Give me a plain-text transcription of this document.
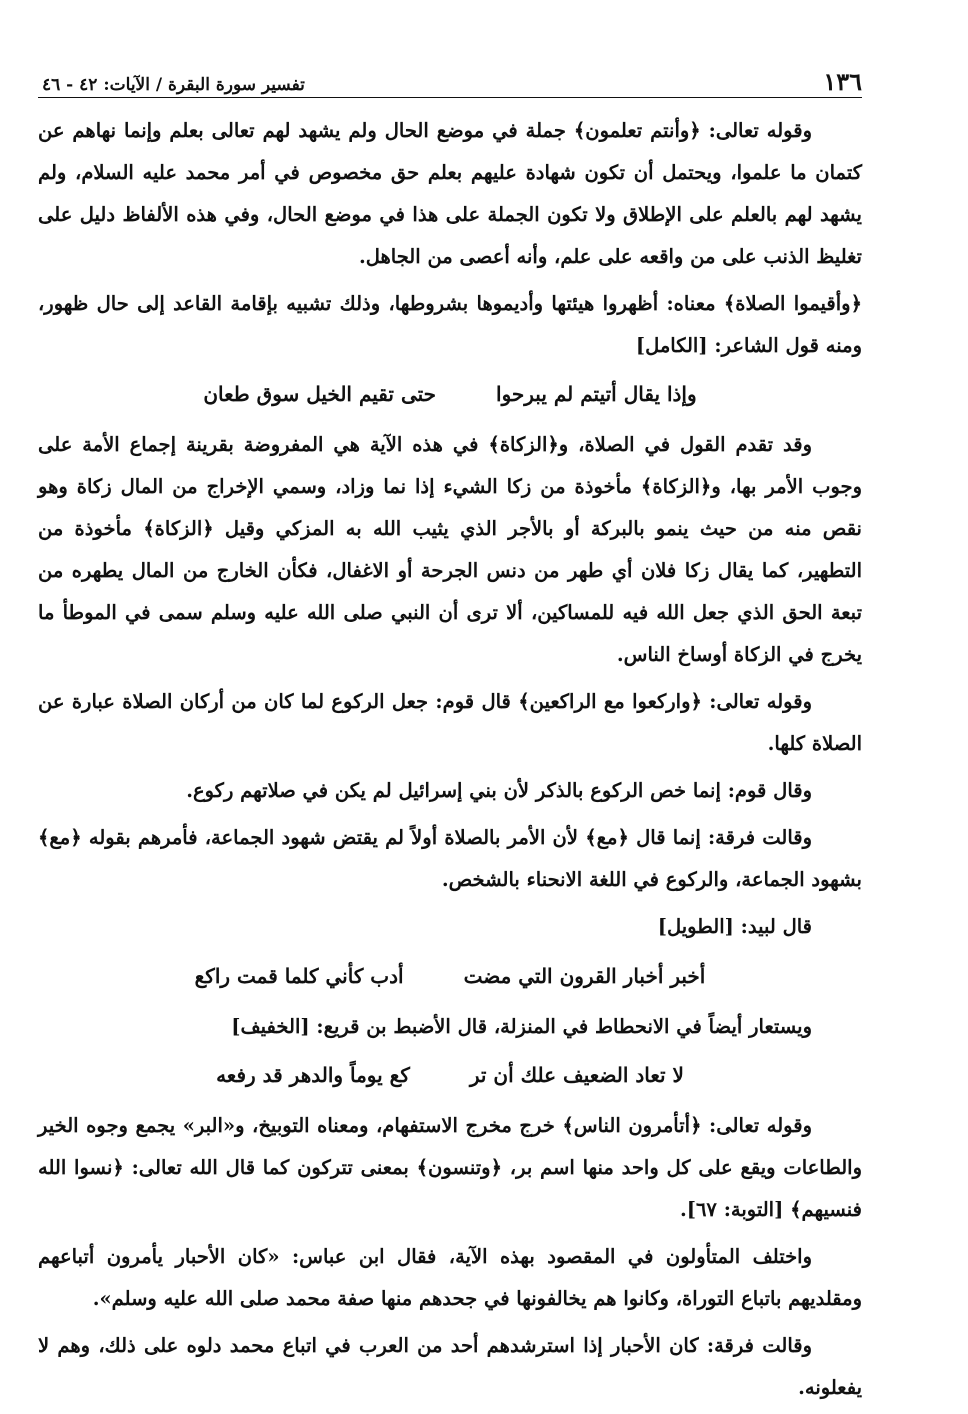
١٣٦
تفسير سورة البقرة / الآيات: ٤٢ - ٤٦

وقوله تعالى: ﴿وأنتم تعلمون﴾ جملة في موضع الحال ولم يشهد لهم تعالى بعلم وإنما نهاهم عن كتمان ما علموا، ويحتمل أن تكون شهادة عليهم بعلم حق مخصوص في أمر محمد عليه السلام، ولم يشهد لهم بالعلم على الإطلاق ولا تكون الجملة على هذا في موضع الحال، وفي هذه الألفاظ دليل على تغليظ الذنب على من واقعه على علم، وأنه أعصى من الجاهل.

﴿وأقيموا الصلاة﴾ معناه: أظهروا هيئتها وأديموها بشروطها، وذلك تشبيه بإقامة القاعد إلى حال ظهور، ومنه قول الشاعر: [الكامل]

وإذا يقال أتيتم لم يبرحوا
حتى تقيم الخيل سوق طعان

وقد تقدم القول في الصلاة، و﴿الزكاة﴾ في هذه الآية هي المفروضة بقرينة إجماع الأمة على وجوب الأمر بها، و﴿الزكاة﴾ مأخوذة من زكا الشيء إذا نما وزاد، وسمي الإخراج من المال زكاة وهو نقص منه من حيث ينمو بالبركة أو بالأجر الذي يثيب الله به المزكي وقيل ﴿الزكاة﴾ مأخوذة من التطهير، كما يقال زكا فلان أي طهر من دنس الجرحة أو الاغفال، فكأن الخارج من المال يطهره من تبعة الحق الذي جعل الله فيه للمساكين، ألا ترى أن النبي صلى الله عليه وسلم سمى في الموطأ ما يخرج في الزكاة أوساخ الناس.

وقوله تعالى: ﴿واركعوا مع الراكعين﴾ قال قوم: جعل الركوع لما كان من أركان الصلاة عبارة عن الصلاة كلها.

وقال قوم: إنما خص الركوع بالذكر لأن بني إسرائيل لم يكن في صلاتهم ركوع.

وقالت فرقة: إنما قال ﴿مع﴾ لأن الأمر بالصلاة أولاً لم يقتض شهود الجماعة، فأمرهم بقوله ﴿مع﴾ بشهود الجماعة، والركوع في اللغة الانحناء بالشخص.

قال لبيد: [الطويل]

أخبر أخبار القرون التي مضت
أدب كأني كلما قمت راكع

ويستعار أيضاً في الانحطاط في المنزلة، قال الأضبط بن قريع: [الخفيف]

لا تعاد الضعيف علك أن تر
كع يوماً والدهر قد رفعه

وقوله تعالى: ﴿أتأمرون الناس﴾ خرج مخرج الاستفهام، ومعناه التوبيخ، و«البر» يجمع وجوه الخير والطاعات ويقع على كل واحد منها اسم بر، ﴿وتنسون﴾ بمعنى تتركون كما قال الله تعالى: ﴿نسوا الله فنسيهم﴾ [التوبة: ٦٧].

واختلف المتأولون في المقصود بهذه الآية، فقال ابن عباس: «كان الأحبار يأمرون أتباعهم ومقلديهم باتباع التوراة، وكانوا هم يخالفونها في جحدهم منها صفة محمد صلى الله عليه وسلم».

وقالت فرقة: كان الأحبار إذا استرشدهم أحد من العرب في اتباع محمد دلوه على ذلك، وهم لا يفعلونه.
